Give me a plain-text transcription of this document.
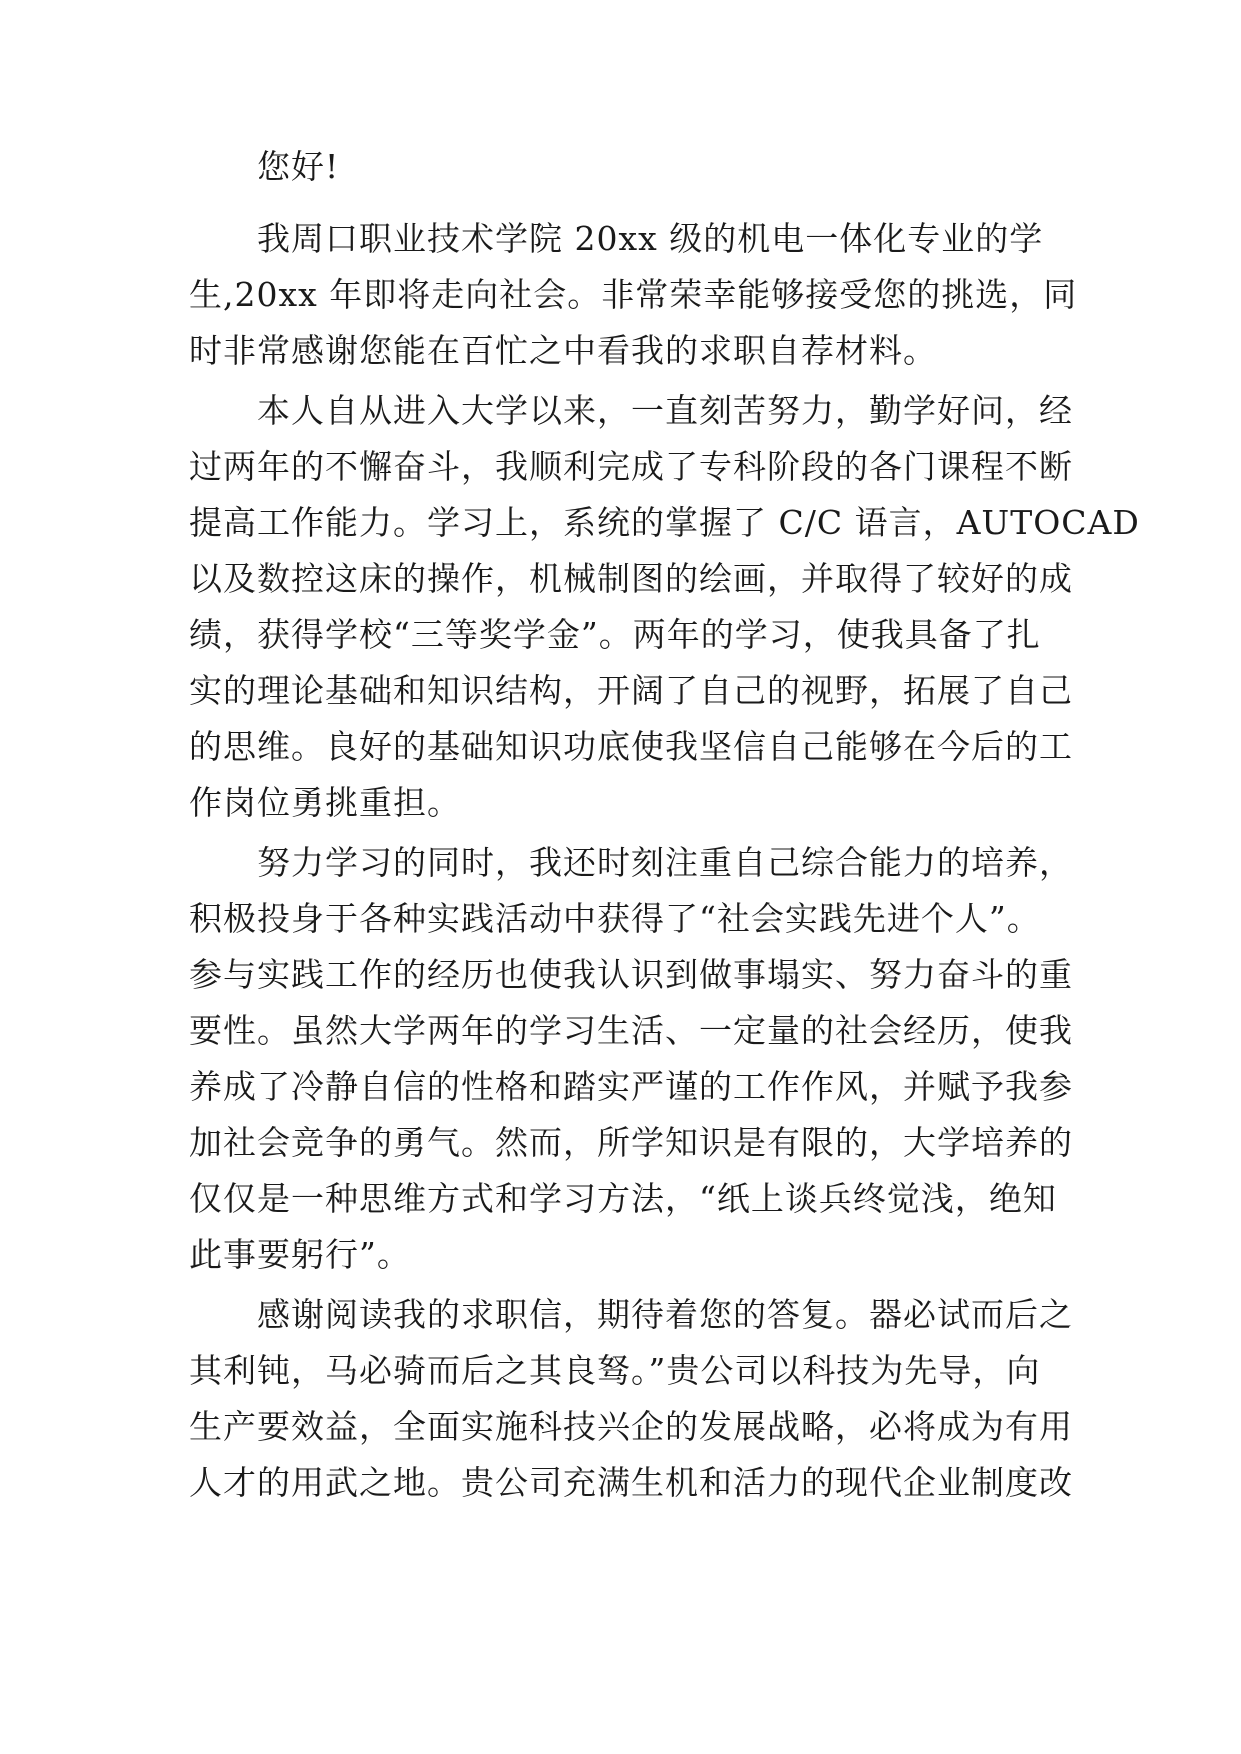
您好!
我周口职业技术学院 20xx 级的机电一体化专业的学
生,20xx 年即将走向社会。非常荣幸能够接受您的挑选，同
时非常感谢您能在百忙之中看我的求职自荐材料。
本人自从进入大学以来，一直刻苦努力，勤学好问，经
过两年的不懈奋斗，我顺利完成了专科阶段的各门课程不断
提高工作能力。学习上，系统的掌握了 C/C 语言，AUTOCAD
以及数控这床的操作，机械制图的绘画，并取得了较好的成
绩，获得学校“三等奖学金”。两年的学习，使我具备了扎
实的理论基础和知识结构，开阔了自己的视野，拓展了自己
的思维。良好的基础知识功底使我坚信自己能够在今后的工
作岗位勇挑重担。
努力学习的同时，我还时刻注重自己综合能力的培养，
积极投身于各种实践活动中获得了“社会实践先进个人”。
参与实践工作的经历也使我认识到做事塌实、努力奋斗的重
要性。虽然大学两年的学习生活、一定量的社会经历，使我
养成了冷静自信的性格和踏实严谨的工作作风，并赋予我参
加社会竞争的勇气。然而，所学知识是有限的，大学培养的
仅仅是一种思维方式和学习方法，“纸上谈兵终觉浅，绝知
此事要躬行”。
感谢阅读我的求职信，期待着您的答复。器必试而后之
其利钝，马必骑而后之其良驽。”贵公司以科技为先导，向
生产要效益，全面实施科技兴企的发展战略，必将成为有用
人才的用武之地。贵公司充满生机和活力的现代企业制度改
